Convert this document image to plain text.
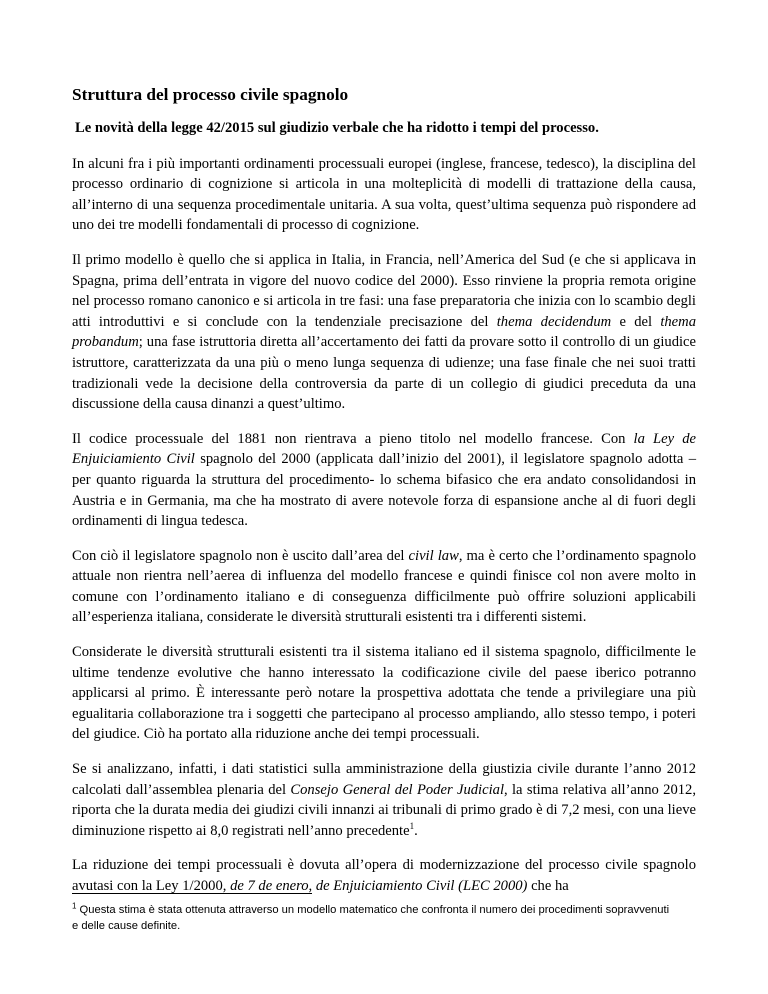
Struttura del processo civile spagnolo
Le novità della legge 42/2015 sul giudizio verbale che ha ridotto i tempi del processo.

In alcuni fra i più importanti ordinamenti processuali europei (inglese, francese, tedesco), la disciplina del processo ordinario di cognizione si articola in una molteplicità di modelli di trattazione della causa, all’interno di una sequenza procedimentale unitaria. A sua volta, quest’ultima sequenza può rispondere ad uno dei tre modelli fondamentali di processo di cognizione.

Il primo modello è quello che si applica in Italia, in Francia, nell’America del Sud (e che si applicava in Spagna, prima dell’entrata in vigore del nuovo codice del 2000). Esso rinviene la propria remota origine nel processo romano canonico e si articola in tre fasi: una fase preparatoria che inizia con lo scambio degli atti introduttivi e si conclude con la tendenziale precisazione del thema decidendum e del thema probandum; una fase istruttoria diretta all’accertamento dei fatti da provare sotto il controllo di un giudice istruttore, caratterizzata da una più o meno lunga sequenza di udienze; una fase finale che nei suoi tratti tradizionali vede la decisione della controversia da parte di un collegio di giudici preceduta da una discussione della causa dinanzi a quest’ultimo.

Il codice processuale del 1881 non rientrava a pieno titolo nel modello francese. Con la Ley de Enjuiciamiento Civil spagnolo del 2000 (applicata dall’inizio del 2001), il legislatore spagnolo adotta – per quanto riguarda la struttura del procedimento- lo schema bifasico che era andato consolidandosi in Austria e in Germania, ma che ha mostrato di avere notevole forza di espansione anche al di fuori degli ordinamenti di lingua tedesca.

Con ciò il legislatore spagnolo non è uscito dall’area del civil law, ma è certo che l’ordinamento spagnolo attuale non rientra nell’aerea di influenza del modello francese e quindi finisce col non avere molto in comune con l’ordinamento italiano e di conseguenza difficilmente può offrire soluzioni applicabili all’esperienza italiana, considerate le diversità strutturali esistenti tra i differenti sistemi.

Considerate le diversità strutturali esistenti tra il sistema italiano ed il sistema spagnolo, difficilmente le ultime tendenze evolutive che hanno interessato la codificazione civile del paese iberico potranno applicarsi al primo. È interessante però notare la prospettiva adottata che tende a privilegiare una più egualitaria collaborazione tra i soggetti che partecipano al processo ampliando, allo stesso tempo, i poteri del giudice. Ciò ha portato alla riduzione anche dei tempi processuali.

Se si analizzano, infatti, i dati statistici sulla amministrazione della giustizia civile durante l’anno 2012 calcolati dall’assemblea plenaria del Consejo General del Poder Judicial, la stima relativa all’anno 2012, riporta che la durata media dei giudizi civili innanzi ai tribunali di primo grado è di 7,2 mesi, con una lieve diminuzione rispetto ai 8,0 registrati nell’anno precedente$^1$.

La riduzione dei tempi processuali è dovuta all’opera di modernizzazione del processo civile spagnolo avutasi con la Ley 1/2000, de 7 de enero, de Enjuiciamiento Civil (LEC 2000) che ha

$^1$ Questa stima è stata ottenuta attraverso un modello matematico che confronta il numero dei procedimenti sopravvenuti e delle cause definite.
